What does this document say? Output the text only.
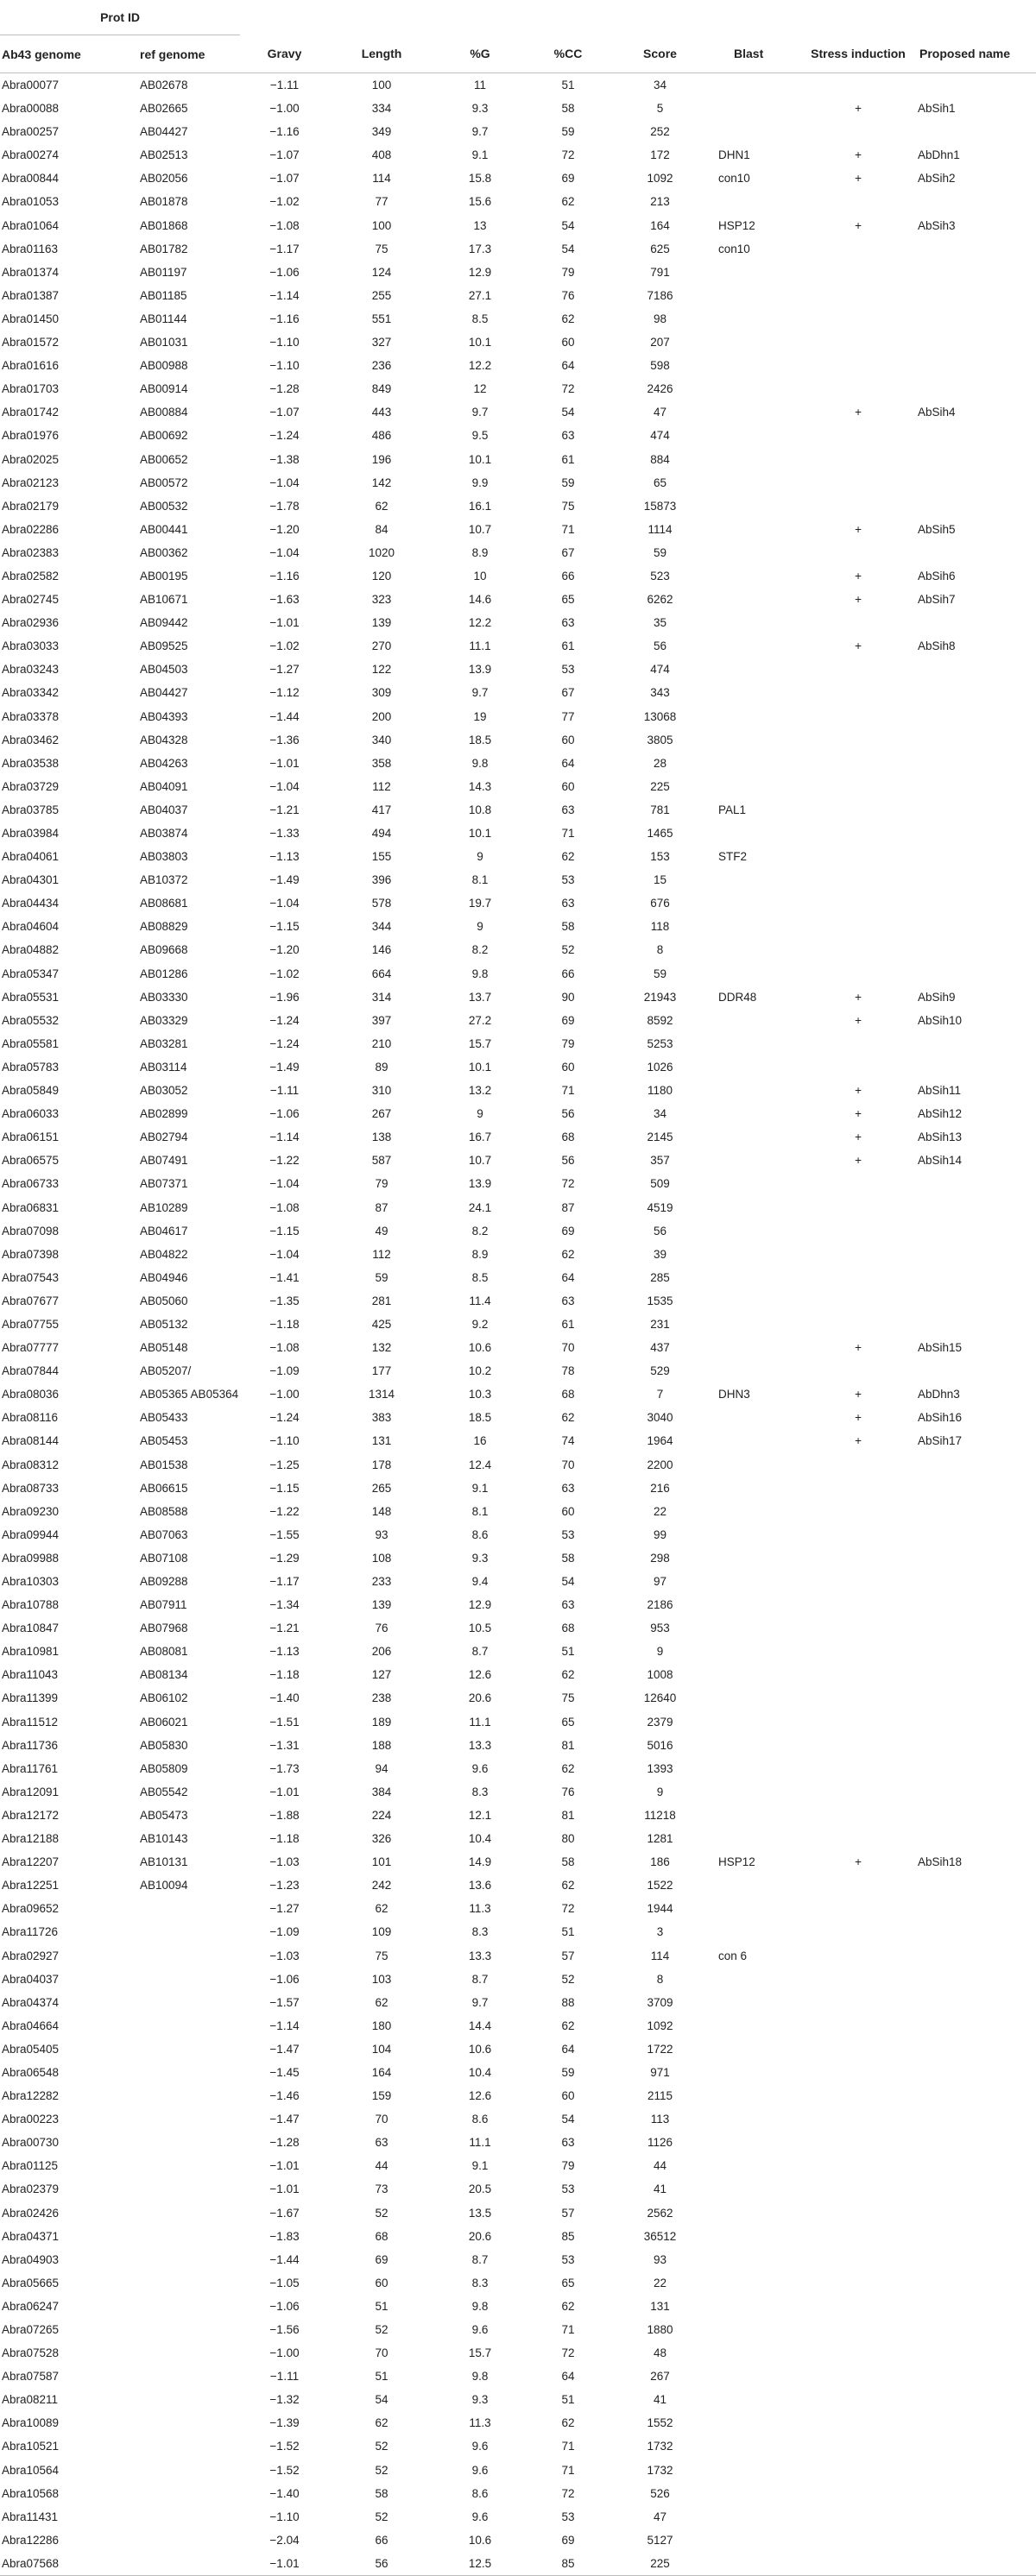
Prot ID									
Ab43 genome	ref genome	Gravy	Length	%G	%CC	Score	Blast	Stress induction	Proposed name
Abra00077	AB02678	−1.11	100	11	51	34			
Abra00088	AB02665	−1.00	334	9.3	58	5		+	AbSih1
Abra00257	AB04427	−1.16	349	9.7	59	252			
Abra00274	AB02513	−1.07	408	9.1	72	172	DHN1	+	AbDhn1
Abra00844	AB02056	−1.07	114	15.8	69	1092	con10	+	AbSih2
Abra01053	AB01878	−1.02	77	15.6	62	213			
Abra01064	AB01868	−1.08	100	13	54	164	HSP12	+	AbSih3
Abra01163	AB01782	−1.17	75	17.3	54	625	con10		
Abra01374	AB01197	−1.06	124	12.9	79	791			
Abra01387	AB01185	−1.14	255	27.1	76	7186			
Abra01450	AB01144	−1.16	551	8.5	62	98			
Abra01572	AB01031	−1.10	327	10.1	60	207			
Abra01616	AB00988	−1.10	236	12.2	64	598			
Abra01703	AB00914	−1.28	849	12	72	2426			
Abra01742	AB00884	−1.07	443	9.7	54	47		+	AbSih4
Abra01976	AB00692	−1.24	486	9.5	63	474			
Abra02025	AB00652	−1.38	196	10.1	61	884			
Abra02123	AB00572	−1.04	142	9.9	59	65			
Abra02179	AB00532	−1.78	62	16.1	75	15873			
Abra02286	AB00441	−1.20	84	10.7	71	1114		+	AbSih5
Abra02383	AB00362	−1.04	1020	8.9	67	59			
Abra02582	AB00195	−1.16	120	10	66	523		+	AbSih6
Abra02745	AB10671	−1.63	323	14.6	65	6262		+	AbSih7
Abra02936	AB09442	−1.01	139	12.2	63	35			
Abra03033	AB09525	−1.02	270	11.1	61	56		+	AbSih8
Abra03243	AB04503	−1.27	122	13.9	53	474			
Abra03342	AB04427	−1.12	309	9.7	67	343			
Abra03378	AB04393	−1.44	200	19	77	13068			
Abra03462	AB04328	−1.36	340	18.5	60	3805			
Abra03538	AB04263	−1.01	358	9.8	64	28			
Abra03729	AB04091	−1.04	112	14.3	60	225			
Abra03785	AB04037	−1.21	417	10.8	63	781	PAL1		
Abra03984	AB03874	−1.33	494	10.1	71	1465			
Abra04061	AB03803	−1.13	155	9	62	153	STF2		
Abra04301	AB10372	−1.49	396	8.1	53	15			
Abra04434	AB08681	−1.04	578	19.7	63	676			
Abra04604	AB08829	−1.15	344	9	58	118			
Abra04882	AB09668	−1.20	146	8.2	52	8			
Abra05347	AB01286	−1.02	664	9.8	66	59			
Abra05531	AB03330	−1.96	314	13.7	90	21943	DDR48	+	AbSih9
Abra05532	AB03329	−1.24	397	27.2	69	8592		+	AbSih10
Abra05581	AB03281	−1.24	210	15.7	79	5253			
Abra05783	AB03114	−1.49	89	10.1	60	1026			
Abra05849	AB03052	−1.11	310	13.2	71	1180		+	AbSih11
Abra06033	AB02899	−1.06	267	9	56	34		+	AbSih12
Abra06151	AB02794	−1.14	138	16.7	68	2145		+	AbSih13
Abra06575	AB07491	−1.22	587	10.7	56	357		+	AbSih14
Abra06733	AB07371	−1.04	79	13.9	72	509			
Abra06831	AB10289	−1.08	87	24.1	87	4519			
Abra07098	AB04617	−1.15	49	8.2	69	56			
Abra07398	AB04822	−1.04	112	8.9	62	39			
Abra07543	AB04946	−1.41	59	8.5	64	285			
Abra07677	AB05060	−1.35	281	11.4	63	1535			
Abra07755	AB05132	−1.18	425	9.2	61	231			
Abra07777	AB05148	−1.08	132	10.6	70	437		+	AbSih15
Abra07844	AB05207/	−1.09	177	10.2	78	529			
Abra08036	AB05365 AB05364	−1.00	1314	10.3	68	7	DHN3	+	AbDhn3
Abra08116	AB05433	−1.24	383	18.5	62	3040		+	AbSih16
Abra08144	AB05453	−1.10	131	16	74	1964		+	AbSih17
Abra08312	AB01538	−1.25	178	12.4	70	2200			
Abra08733	AB06615	−1.15	265	9.1	63	216			
Abra09230	AB08588	−1.22	148	8.1	60	22			
Abra09944	AB07063	−1.55	93	8.6	53	99			
Abra09988	AB07108	−1.29	108	9.3	58	298			
Abra10303	AB09288	−1.17	233	9.4	54	97			
Abra10788	AB07911	−1.34	139	12.9	63	2186			
Abra10847	AB07968	−1.21	76	10.5	68	953			
Abra10981	AB08081	−1.13	206	8.7	51	9			
Abra11043	AB08134	−1.18	127	12.6	62	1008			
Abra11399	AB06102	−1.40	238	20.6	75	12640			
Abra11512	AB06021	−1.51	189	11.1	65	2379			
Abra11736	AB05830	−1.31	188	13.3	81	5016			
Abra11761	AB05809	−1.73	94	9.6	62	1393			
Abra12091	AB05542	−1.01	384	8.3	76	9			
Abra12172	AB05473	−1.88	224	12.1	81	11218			
Abra12188	AB10143	−1.18	326	10.4	80	1281			
Abra12207	AB10131	−1.03	101	14.9	58	186	HSP12	+	AbSih18
Abra12251	AB10094	−1.23	242	13.6	62	1522			
Abra09652		−1.27	62	11.3	72	1944			
Abra11726		−1.09	109	8.3	51	3			
Abra02927		−1.03	75	13.3	57	114	con 6		
Abra04037		−1.06	103	8.7	52	8			
Abra04374		−1.57	62	9.7	88	3709			
Abra04664		−1.14	180	14.4	62	1092			
Abra05405		−1.47	104	10.6	64	1722			
Abra06548		−1.45	164	10.4	59	971			
Abra12282		−1.46	159	12.6	60	2115			
Abra00223		−1.47	70	8.6	54	113			
Abra00730		−1.28	63	11.1	63	1126			
Abra01125		−1.01	44	9.1	79	44			
Abra02379		−1.01	73	20.5	53	41			
Abra02426		−1.67	52	13.5	57	2562			
Abra04371		−1.83	68	20.6	85	36512			
Abra04903		−1.44	69	8.7	53	93			
Abra05665		−1.05	60	8.3	65	22			
Abra06247		−1.06	51	9.8	62	131			
Abra07265		−1.56	52	9.6	71	1880			
Abra07528		−1.00	70	15.7	72	48			
Abra07587		−1.11	51	9.8	64	267			
Abra08211		−1.32	54	9.3	51	41			
Abra10089		−1.39	62	11.3	62	1552			
Abra10521		−1.52	52	9.6	71	1732			
Abra10564		−1.52	52	9.6	71	1732			
Abra10568		−1.40	58	8.6	72	526			
Abra11431		−1.10	52	9.6	53	47			
Abra12286		−2.04	66	10.6	69	5127			
Abra07568		−1.01	56	12.5	85	225			
